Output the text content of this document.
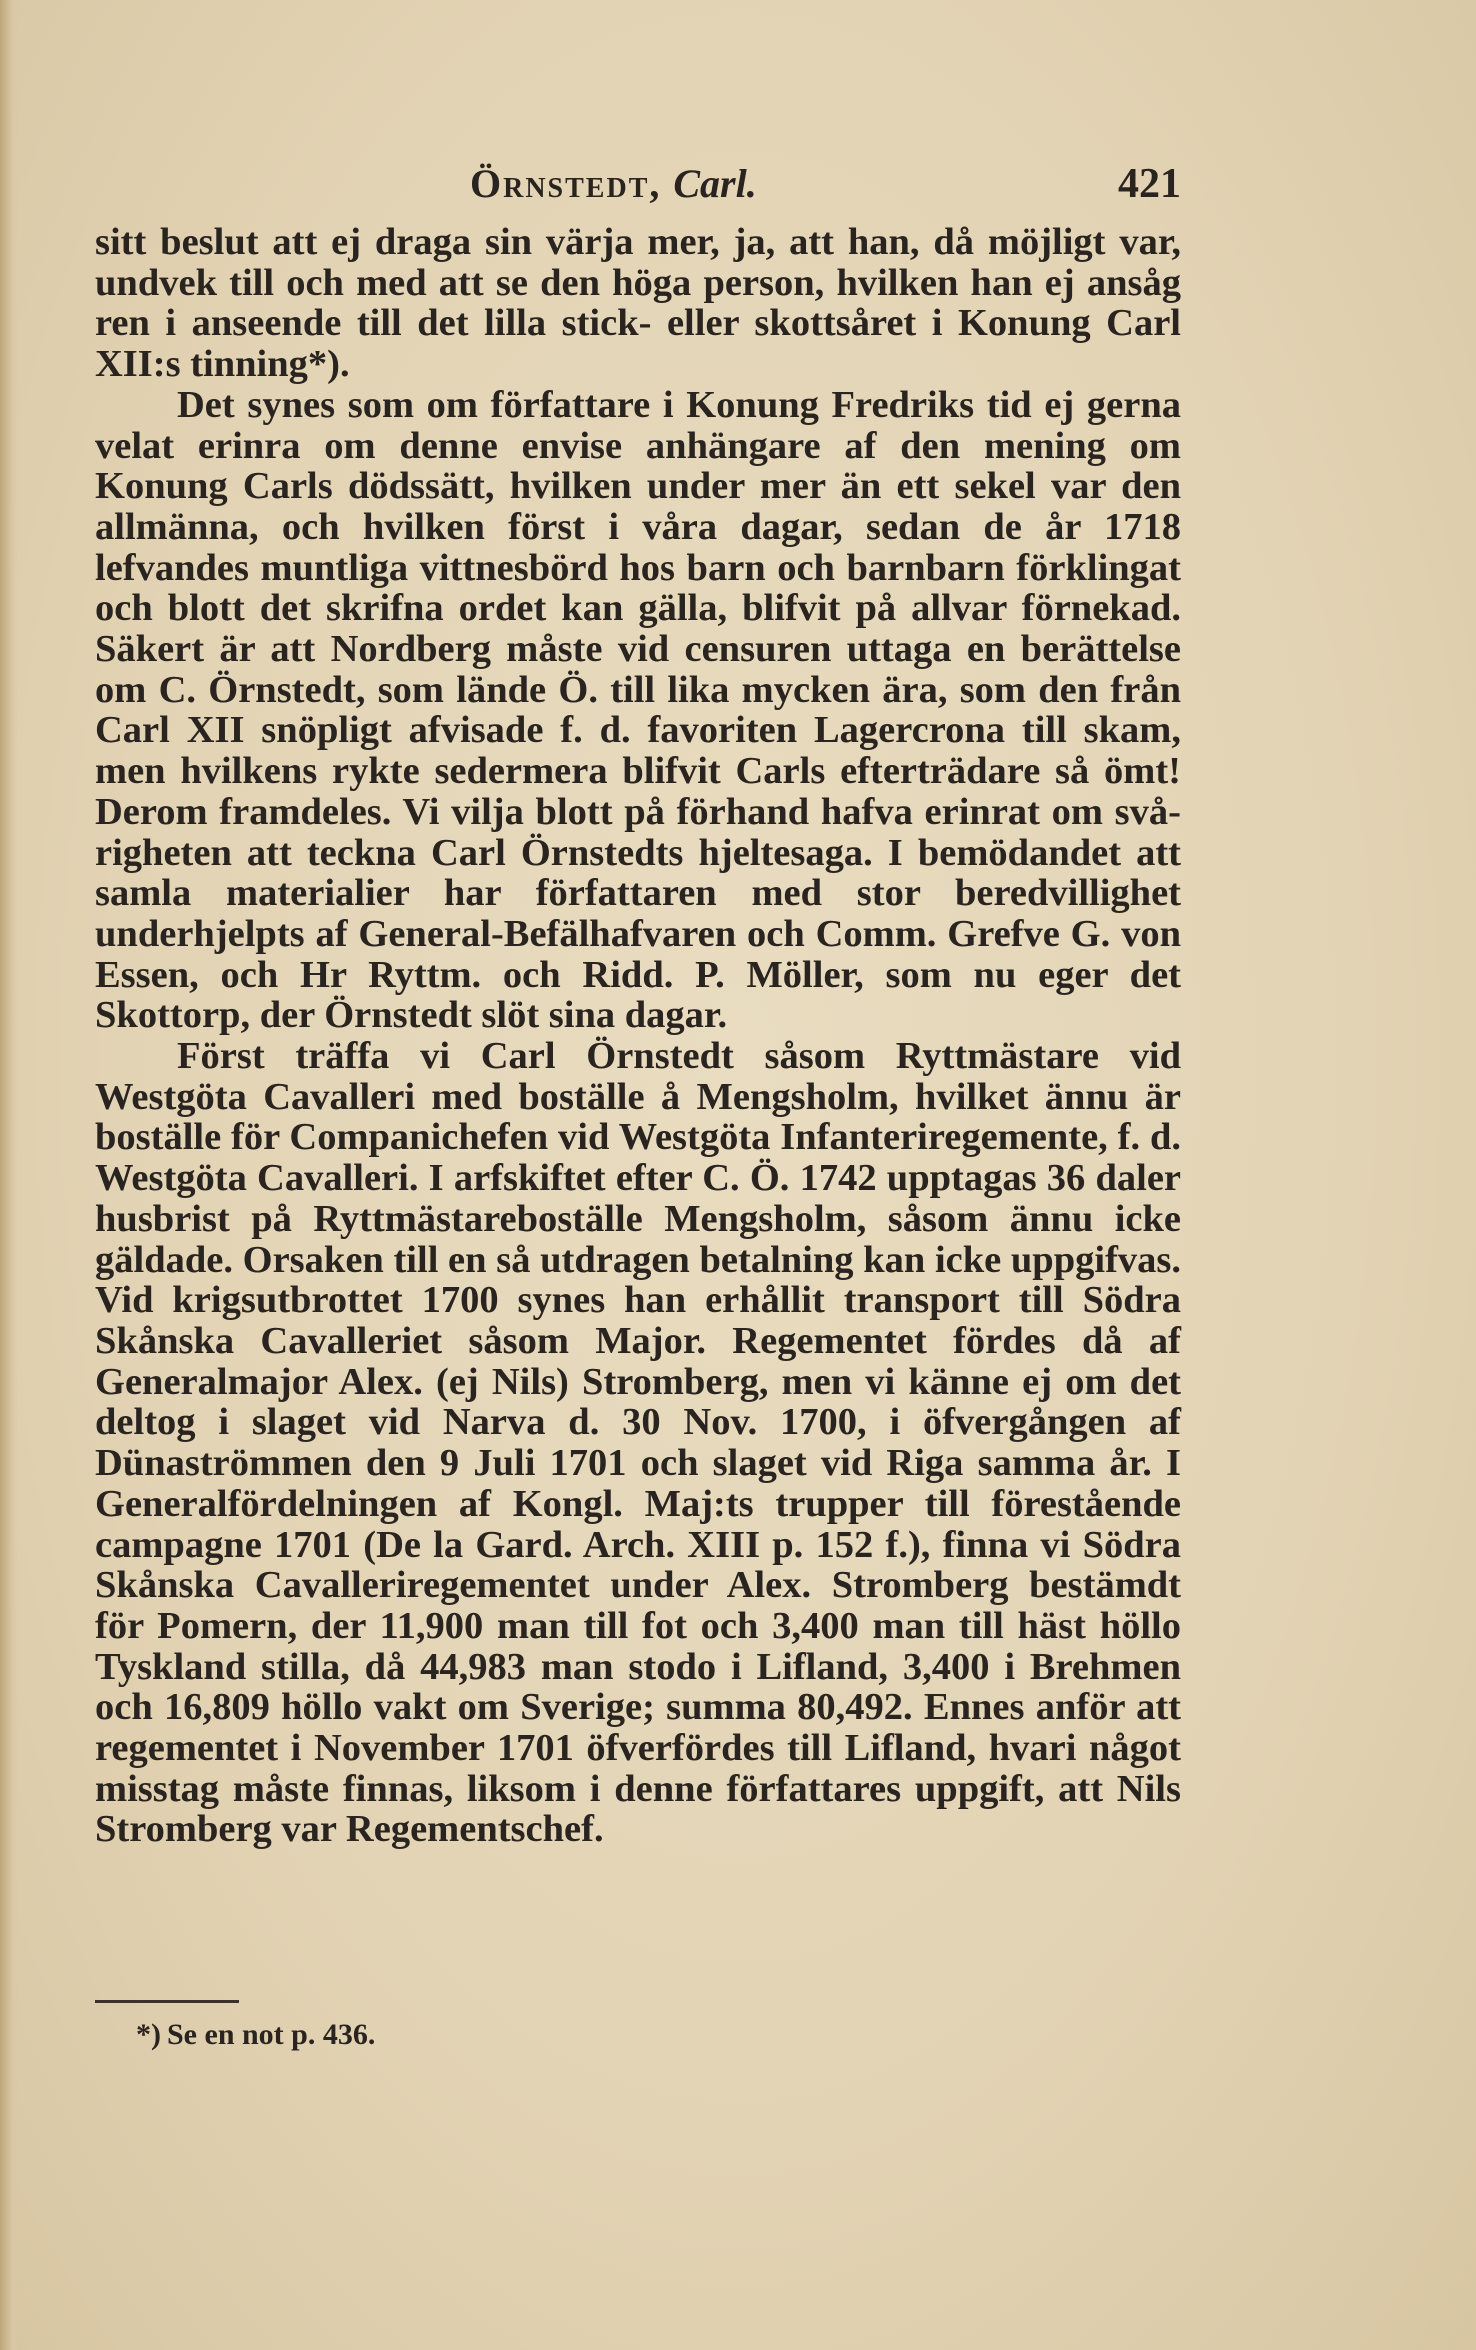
Örnstedt, Carl.	421

sitt beslut att ej draga sin värja mer, ja, att han, då möjligt var, undvek till och med att se den höga person, hvilken han ej ansåg ren i anseende till det lilla stick- eller skottsåret i Konung Carl XII:s tinning*).

Det synes som om författare i Konung Fredriks tid ej gerna velat erinra om denne envise anhängare af den mening om Konung Carls dödssätt, hvilken under mer än ett sekel var den allmänna, och hvilken först i våra dagar, sedan de år 1718 lefvandes muntliga vittnesbörd hos barn och barnbarn förklingat och blott det skrifna ordet kan gälla, blifvit på allvar förnekad. Säkert är att Nordberg måste vid censuren uttaga en berättelse om C. Örnstedt, som lände Ö. till lika mycken ära, som den från Carl XII snöpligt afvisade f. d. favoriten Lagercrona till skam, men hvilkens rykte sedermera blifvit Carls efterträdare så ömt! Derom framdeles. Vi vilja blott på förhand hafva erinrat om svårigheten att teckna Carl Örnstedts hjeltesaga. I bemödandet att samla materialier har författaren med stor beredvillighet underhjelpts af General-Befälhafvaren och Comm. Grefve G. von Essen, och Hr Ryttm. och Ridd. P. Möller, som nu eger det Skottorp, der Örnstedt slöt sina dagar.

Först träffa vi Carl Örnstedt såsom Ryttmästare vid Westgöta Cavalleri med boställe å Mengsholm, hvilket ännu är boställe för Companichefen vid Westgöta Infanteriregemente, f. d. Westgöta Cavalleri. I arfskiftet efter C. Ö. 1742 upptagas 36 daler husbrist på Ryttmästareboställe Mengsholm, såsom ännu icke gäldade. Orsaken till en så utdragen betalning kan icke uppgifvas. Vid krigsutbrottet 1700 synes han erhållit transport till Södra Skånska Cavalleriet såsom Major. Regementet fördes då af Generalmajor Alex. (ej Nils) Stromberg, men vi känne ej om det deltog i slaget vid Narva d. 30 Nov. 1700, i öfvergången af Dünaströmmen den 9 Juli 1701 och slaget vid Riga samma år. I Generalfördelningen af Kongl. Maj:ts trupper till förestående campagne 1701 (De la Gard. Arch. XIII p. 152 f.), finna vi Södra Skånska Cavalleriregementet under Alex. Stromberg bestämdt för Pomern, der 11,900 man till fot och 3,400 man till häst höllo Tyskland stilla, då 44,983 man stodo i Lifland, 3,400 i Brehmen och 16,809 höllo vakt om Sverige; summa 80,492. Ennes anför att regementet i November 1701 öfverfördes till Lifland, hvari något misstag måste finnas, liksom i denne författares uppgift, att Nils Stromberg var Regementschef.

*) Se en not p. 436.
